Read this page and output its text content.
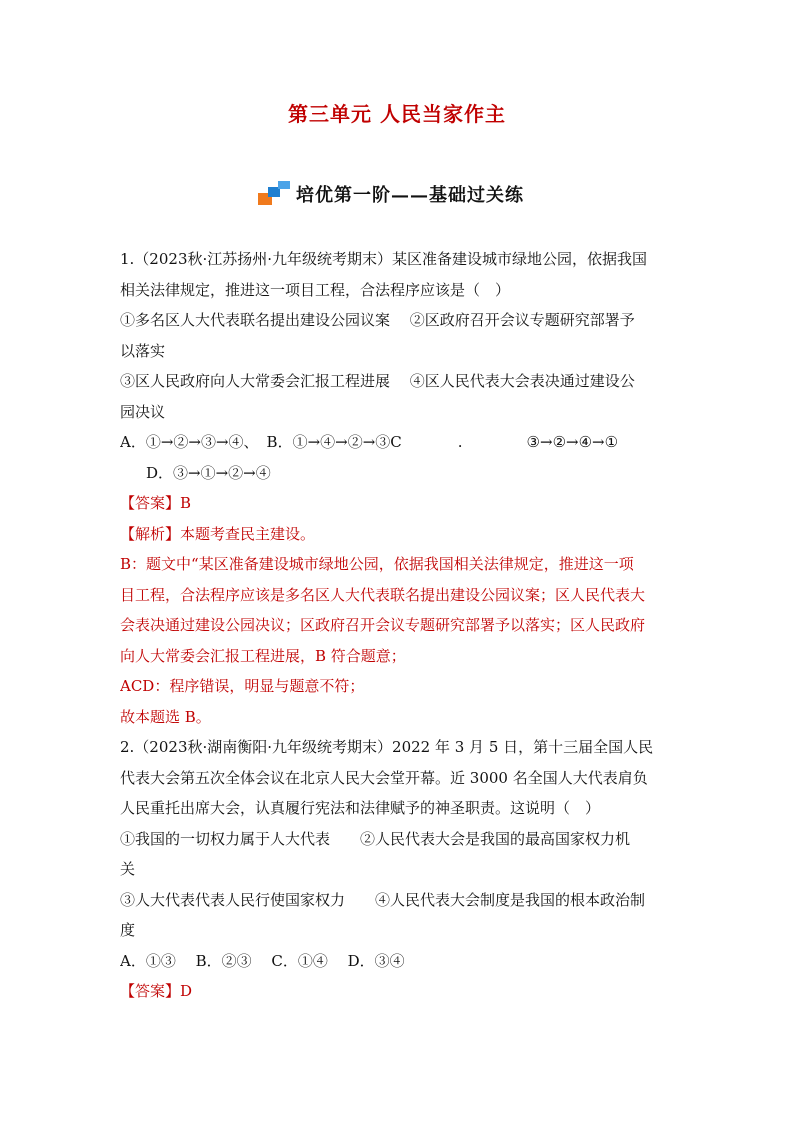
第三单元 人民当家作主
培优第一阶——基础过关练
1.（2023秋·江苏扬州·九年级统考期末）某区准备建设城市绿地公园，依据我国
相关法律规定，推进这一项目工程，合法程序应该是（　）
①多名区人大代表联名提出建设公园议案　 ②区政府召开会议专题研究部署予
以落实
③区人民政府向人大常委会汇报工程进展　 ④区人民代表大会表决通过建设公
园决议
A．①→②→③→④、 B．①→④→②→③C	.	③→②→④→①
D．③→①→②→④
【答案】B
【解析】本题考查民主建设。
B：题文中“某区准备建设城市绿地公园，依据我国相关法律规定，推进这一项
目工程，合法程序应该是多名区人大代表联名提出建设公园议案；区人民代表大
会表决通过建设公园决议；区政府召开会议专题研究部署予以落实；区人民政府
向人大常委会汇报工程进展，B 符合题意；
ACD：程序错误，明显与题意不符；
故本题选 B。
2.（2023秋·湖南衡阳·九年级统考期末）2022 年 3 月 5 日，第十三届全国人民
代表大会第五次全体会议在北京人民大会堂开幕。近 3000 名全国人大代表肩负
人民重托出席大会，认真履行宪法和法律赋予的神圣职责。这说明（　）
①我国的一切权力属于人大代表　　②人民代表大会是我国的最高国家权力机
关
③人大代表代表人民行使国家权力　　④人民代表大会制度是我国的根本政治制
度
A．①③　 B．②③　 C．①④　 D．③④
【答案】D
